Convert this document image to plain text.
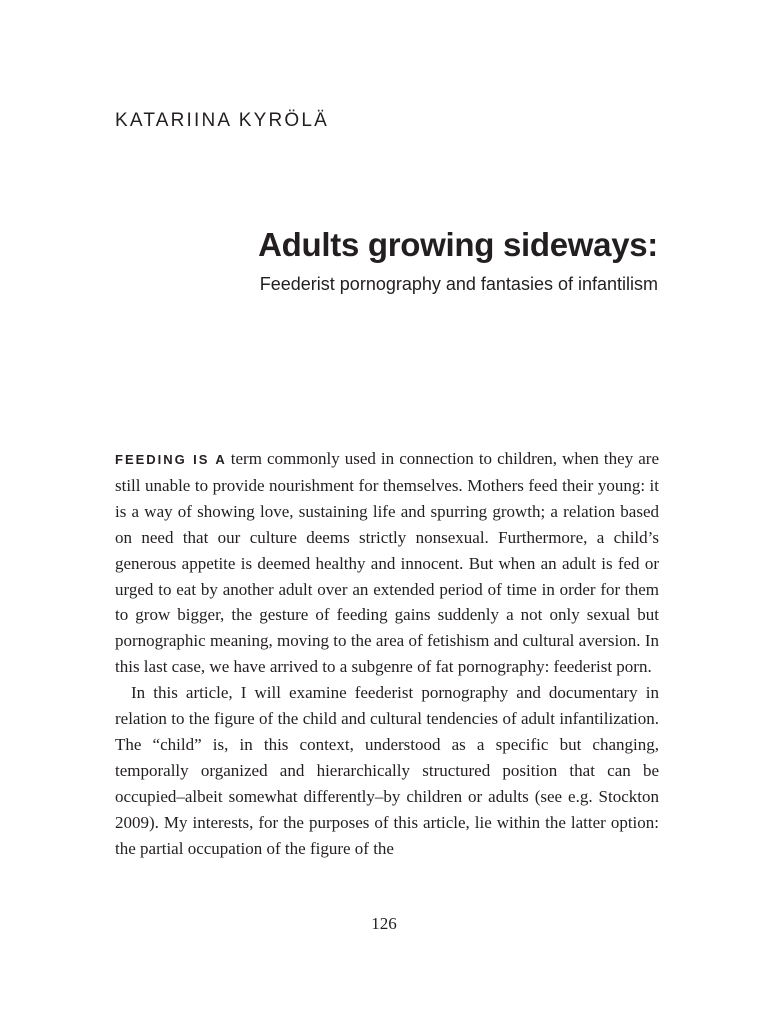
KATARIINA KYRÖLÄ
Adults growing sideways:
Feederist pornography and fantasies of infantilism

FEEDING IS A term commonly used in connection to children, when they are still unable to provide nourishment for themselves. Mothers feed their young: it is a way of showing love, sustaining life and spurring growth; a relation based on need that our culture deems strictly nonsexual. Furthermore, a child’s generous appetite is deemed healthy and innocent. But when an adult is fed or urged to eat by another adult over an extended period of time in order for them to grow bigger, the gesture of feeding gains suddenly a not only sexual but pornographic meaning, moving to the area of fetishism and cultural aversion. In this last case, we have arrived to a subgenre of fat pornography: feederist porn.

In this article, I will examine feederist pornography and documentary in relation to the figure of the child and cultural tendencies of adult infantilization. The “child” is, in this context, understood as a specific but changing, temporally organized and hierarchically structured position that can be occupied–albeit somewhat differently–by children or adults (see e.g. Stockton 2009). My interests, for the purposes of this article, lie within the latter option: the partial occupation of the figure of the

126
